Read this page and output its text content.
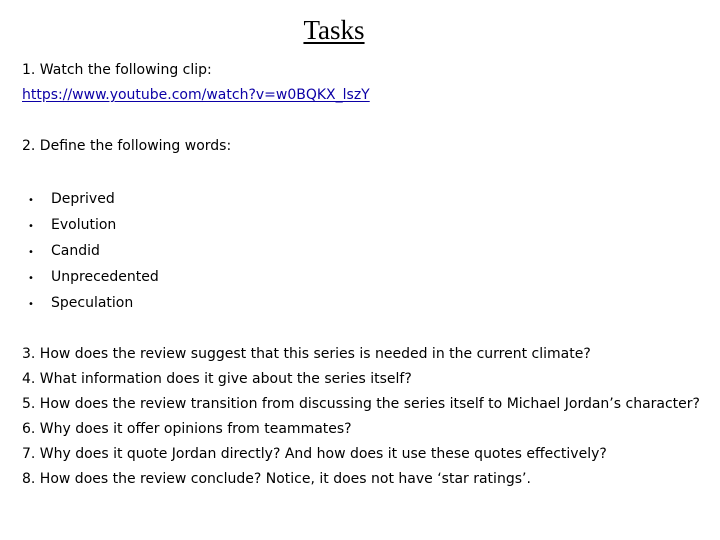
Tasks
1. Watch the following clip:
https://www.youtube.com/watch?v=w0BQKX_lszY
2. Define the following words:
•	Deprived
•	Evolution
•	Candid
•	Unprecedented
•	Speculation
3. How does the review suggest that this series is needed in the current climate?
4. What information does it give about the series itself?
5. How does the review transition from discussing the series itself to Michael Jordan’s character?
6. Why does it offer opinions from teammates?
7. Why does it quote Jordan directly? And how does it use these quotes effectively?
8. How does the review conclude? Notice, it does not have ‘star ratings’.
